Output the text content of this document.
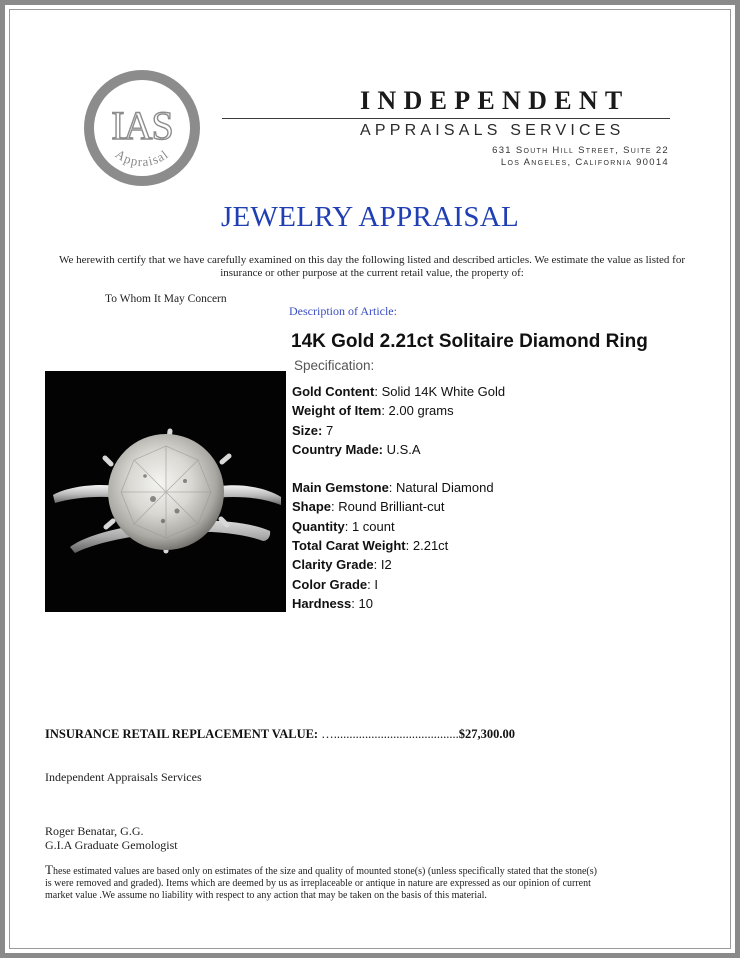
IAS
Appraisal
INDEPENDENT
APPRAISALS SERVICES
631 South Hill Street, Suite 22
Los Angeles, California 90014
JEWELRY APPRAISAL
We herewith certify that we have carefully examined on this day the following listed and described articles. We estimate the value as listed for insurance or other purpose at the current retail value, the property of:
To Whom It May Concern
Description of Article:
14K Gold 2.21ct Solitaire Diamond Ring
Specification:
Gold Content: Solid 14K White Gold
Weight of Item: 2.00 grams
Size: 7
Country Made: U.S.A
Main Gemstone: Natural Diamond
Shape: Round Brilliant-cut
Quantity: 1 count
Total Carat Weight: 2.21ct
Clarity Grade: I2
Color Grade: I
Hardness: 10
INSURANCE RETAIL REPLACEMENT VALUE: …........................................$27,300.00
Independent Appraisals Services
Roger Benatar, G.G.
G.I.A Graduate Gemologist
These estimated values are based only on estimates of the size and quality of mounted stone(s) (unless specifically stated that the stone(s) is were removed and graded). Items which are deemed by us as irreplaceable or antique in nature are expressed as our opinion of current market value .We assume no liability with respect to any action that may be taken on the basis of this material.
